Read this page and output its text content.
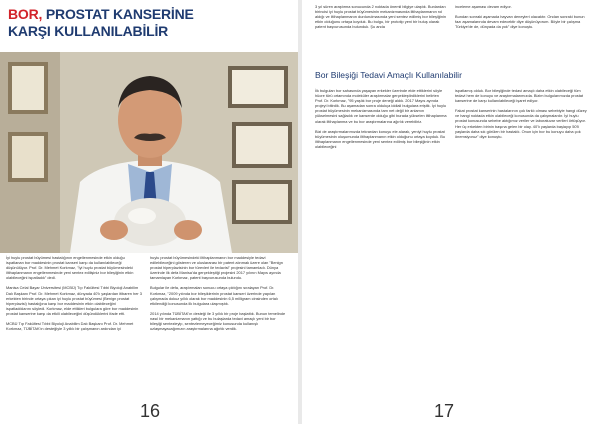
BOR, PROSTAT KANSERİNE KARŞI KULLANILABİLİR

İyi huylu prostat büyümesi hastalığının engellenmesinde etkin olduğu ispatlanan bor maddesinin prostat kanseri karşı da kullanılabileceği düşünülüyor. Prof. Dr. Mehmet Korkmaz, "İyi huylu prostat büyümesindeki iltihaplanmanın engellenmesinde yeni sentez edilişiniz bor bileşiğinin etkin olabileceğini ispatladık" dedi.

Manisa Celal Bayar Üniversitesi (MCBÜ) Tıp Fakültesi Tıbbi Biyoloji Anabilim Dalı Başkanı Prof. Dr. Mehmet Korkmaz, dünyada 40'lı yaşlardan itibaren her 3 erkekten birinde ortaya çıkan iyi huylu prostat büyümesi (Benign prostat hiperplazisi) hastalığına karşı bor maddesinin etkin olabileceğini ispatladıklarını söyledi. Korkmaz, elde ettikleri bulgulara göre bor maddesinin prostat kanserine karşı da etkili olabileceğini düşündüklerini ifade etti.

MCBÜ Tıp Fakültesi Tıbbi Biyoloji Anabilim Dalı Başkanı Prof. Dr. Mehmet Korkmaz, TÜBİTAK'ın desteğiyle 3 yıllık bir çalışmanın ardından iyi

huylu prostat büyümesindeki iltihaplanmanın bor maddesiyle tedavi edilebileceğini gösteren ve uluslararası bir patent alınmak üzere olan "Benign prostat hiperplazisinin bor türevleri ile tedavisi" projesini tamamladı. Dünya üzerinde ilk defa Manisa'da gerçekleştiği projesini 2017 yılının Mayıs ayında tamamlayan Korkmaz, patent başvurusunda bulundu.

Bulgular ile defa, araştırmaları sonucu ortaya çıktığını sıralayan Prof. Dr. Korkmaz, "2009 yılında bor bileşiklerinin prostat kanseri üzerinde yapılan çalışmada dokuz yıllık olarak bor maddesinin 6,5 milligram cinsinden ortalı etkilendiği konusunda ilk bulgulara ulaşmıştık.

2014 yılında TÜBİTAK'ın desteği ile 3 yıllık bir proje başlattık. Bunun temelinde nasıl bir mekanizmanın yattığı ve bu bulaşlarda tedavi amaçlı yeni bir bor bileşiği sentezleyip, sentezlemeyeceğimiz konusunda kullanışlı uzlaşmayacağımızın araştırmalarına ağırlık verdik.

16

3 yıl süren araştırma sonucunda 2 noktada önemli bilgiye ulaştık. Bunlardan birincisi iyi huylu prostat büyümesinin mekanizmasında iltihaplanmanın rol aldığı ve iltihaplanmanın durdurulmasında yeni sentez edilmiş bor bileşiğinin etkin olduğunu ortaya koyduk. Bu bulgu, bir prototip yeni bir buluş olarak patent başvurusunda bulunduk. Şu anda

inceleme aşaması devam ediyor.

Bundan sonraki aşamada hayvan deneyleri olacaktır. Ondan sonraki bunun fazı aşamalarında devam edecektir diye düşünüyorum. Böyle bir çalışma Türkiye'de de, dünyada da yok" diye konuştu.

Bor Bileşiği Tedavi Amaçlı Kullanılabilir

İlk bulguları bor sahasında yaşayan erkekler üzerinde elde ettiklerini söyle hücre türü ortamında moleküler araştırmalar gerçekleştirdiklerini belirten Prof. Dr. Korkmaz, "95 yaşlık bor proje deneği aldık. 2017 Mayıs ayında projeyi bitirdik. Bu aşamadan sonra oldukça iddiali bulgulara eriştik. İyi huylu prostat büyümesinin mekanizmasında tam net değil bir anlamın yükselmesini sağladık ve kanserde olduğu gibi burada yükselen iltihaplanma olarak iltihaplanma ve bu bor araştırmalarına ağırlık verebiliriz.

Bizi de araştırmalarımızda tekrardan konuyu ele alarak, yeniyi huylu prostat büyümesinin oluşumunda iltihaplanmanın etkin olduğunu ortaya koyduk. Bu iltihaplanmanın engellenmesinde yeni sentez edilmiş bor bileşiğinin etkin olabileceğini

ispatlamış olduk. Bor bileşiğinde tedavi amaçlı daha etkin olabileceği tüm tedavi hem de konuyu ve araştırmalarımızda. Bizim bulgularımızda prostat kanserine de karşı kullanılabileceği işaret ediyor.

Fakat prostat kanserinin hastalarının çok farklı olması sebebiyle hangi düzey ve hangi noktada etkin olabileceği konusunda da çalışmalardır. İyi huylu prostat konusunda sebebe aktığımız veriler ve laboratuvar verileri örtüşüyor. Her üç erkekten birinin başına gelen bir olay. 40'lı yaşlarda başlayıp 50'li yaşlarda daha sık görülen bir hastalık. Onun için bor bu konuyu daha çok önemsiyoruz" diye konuştu.

17
